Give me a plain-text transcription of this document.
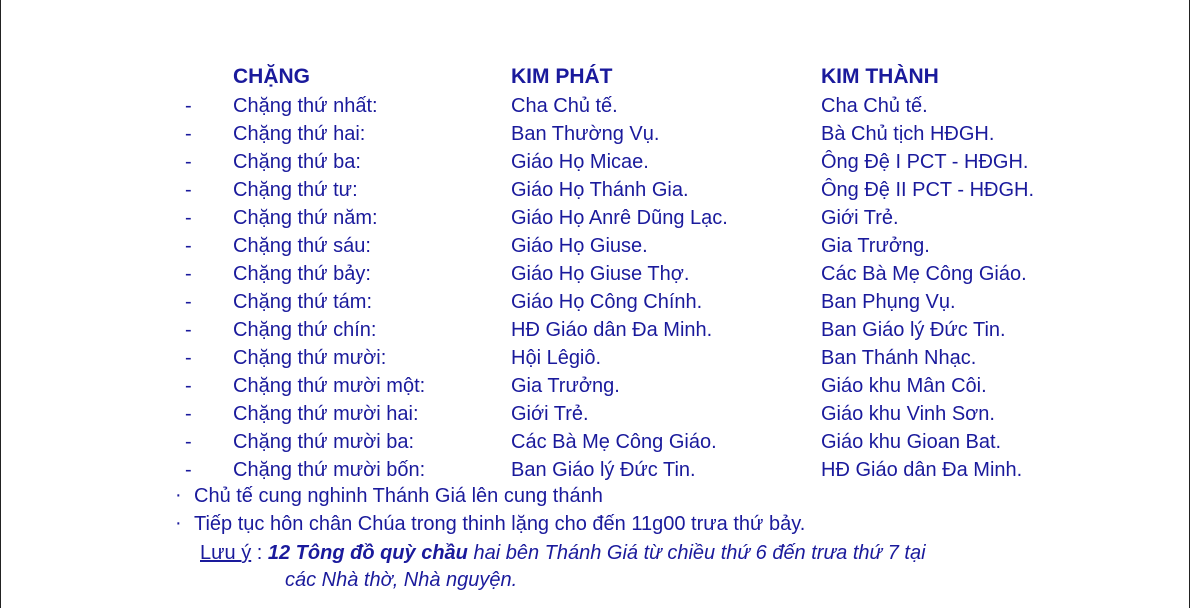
CHẶNG	KIM PHÁT	KIM THÀNH
- Chặng thứ nhất:	Cha Chủ tế.	Cha Chủ tế.
- Chặng thứ hai:	Ban Thường Vụ.	Bà Chủ tịch HĐGH.
- Chặng thứ ba:	Giáo Họ Micae.	Ông Đệ I PCT - HĐGH.
- Chặng thứ tư:	Giáo Họ Thánh Gia.	Ông Đệ II PCT - HĐGH.
- Chặng thứ năm:	Giáo Họ Anrê Dũng Lạc.	Giới Trẻ.
- Chặng thứ sáu:	Giáo Họ Giuse.	Gia Trưởng.
- Chặng thứ bảy:	Giáo Họ Giuse Thợ.	Các Bà Mẹ Công Giáo.
- Chặng thứ tám:	Giáo Họ Công Chính.	Ban Phụng Vụ.
- Chặng thứ chín:	HĐ Giáo dân Đa Minh.	Ban Giáo lý Đức Tin.
- Chặng thứ mười:	Hội Lêgiô.	Ban Thánh Nhạc.
- Chặng thứ mười một:	Gia Trưởng.	Giáo khu Mân Côi.
- Chặng thứ mười hai:	Giới Trẻ.	Giáo khu Vinh Sơn.
- Chặng thứ mười ba:	Các Bà Mẹ Công Giáo.	Giáo khu Gioan Bat.
- Chặng thứ mười bốn:	Ban Giáo lý Đức Tin.	HĐ Giáo dân Đa Minh.
· Chủ tế cung nghinh Thánh Giá lên cung thánh
· Tiếp tục hôn chân Chúa trong thinh lặng cho đến 11g00 trưa thứ bảy.
Lưu ý : 12 Tông đồ quỳ chầu hai bên Thánh Giá từ chiều thứ 6 đến trưa thứ 7 tại
các Nhà thờ, Nhà nguyện.
